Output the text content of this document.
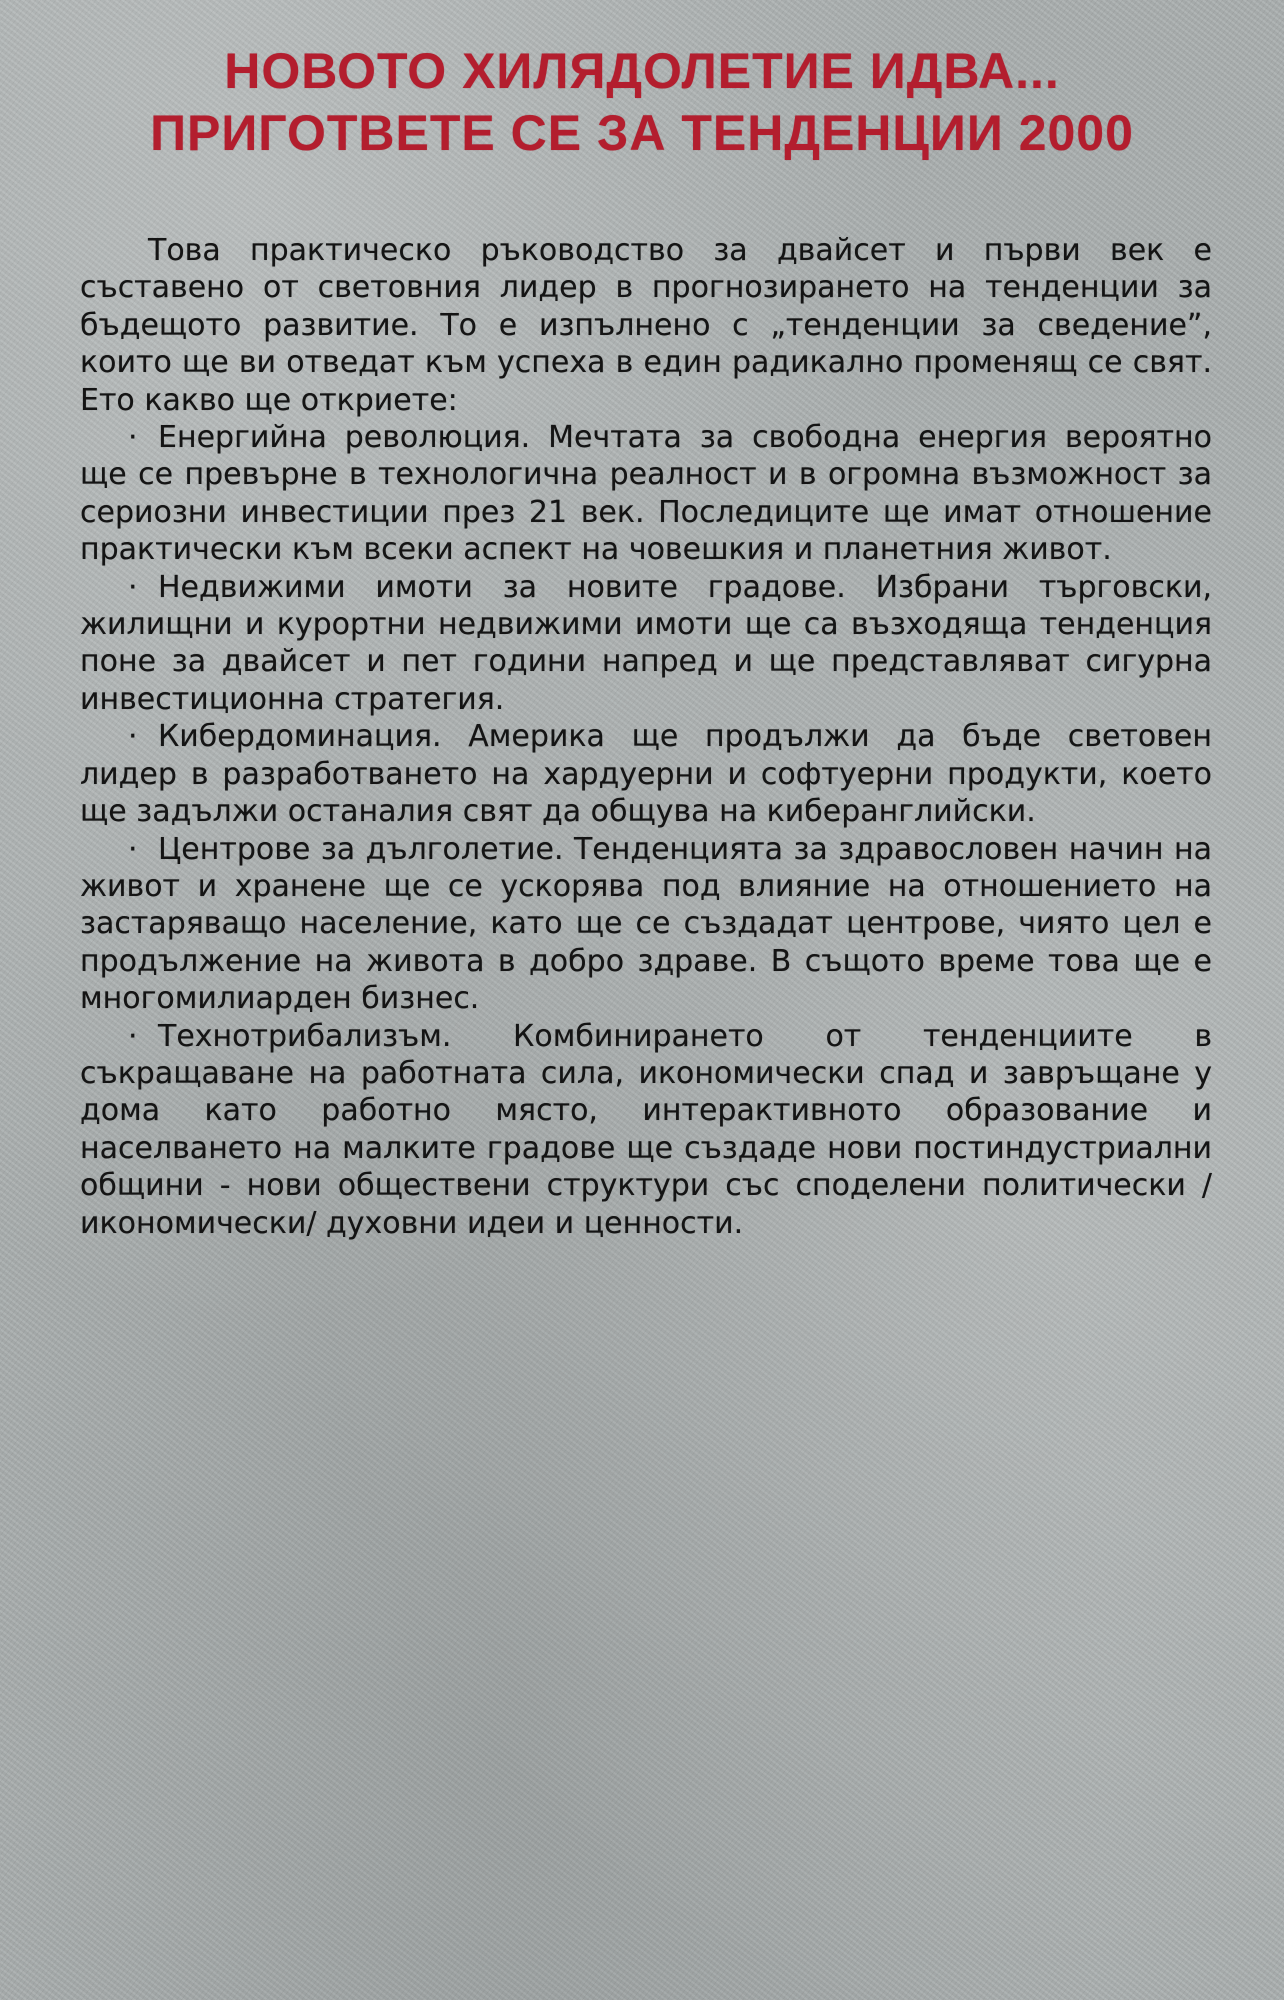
НОВОТО ХИЛЯДОЛЕТИЕ ИДВА...
ПРИГОТВЕТЕ СЕ ЗА ТЕНДЕНЦИИ 2000

Това практическо ръководство за двайсет и първи век е съставено от световния лидер в прогнозирането на тенденции за бъдещото развитие. То е изпълнено с „тенденции за сведение”, които ще ви отведат към успеха в един радикално променящ се свят. Ето какво ще откриете:

· Енергийна революция. Мечтата за свободна енергия вероятно ще се превърне в технологична реалност и в огромна възможност за сериозни инвестиции през 21 век. Последиците ще имат отношение практически към всеки аспект на човешкия и планетния живот.

· Недвижими имоти за новите градове. Избрани търговски, жилищни и курортни недвижими имоти ще са възходяща тенденция поне за двайсет и пет години напред и ще представляват сигурна инвестиционна стратегия.

· Кибердоминация. Америка ще продължи да бъде световен лидер в разработването на хардуерни и софтуерни продукти, което ще задължи останалия свят да общува на киберанглийски.

· Центрове за дълголетие. Тенденцията за здравословен начин на живот и хранене ще се ускорява под влияние на отношението на застаряващо население, като ще се създадат центрове, чиято цел е продължение на живота в добро здраве. В същото време това ще е многомилиарден бизнес.

· Технотрибализъм. Комбинирането от тенденциите в съкращаване на работната сила, икономически спад и завръщане у дома като работно място, интерактивното образование и населването на малките градове ще създаде нови постиндустриални общини - нови обществени структури със споделени политически /икономически/ духовни идеи и ценности.
